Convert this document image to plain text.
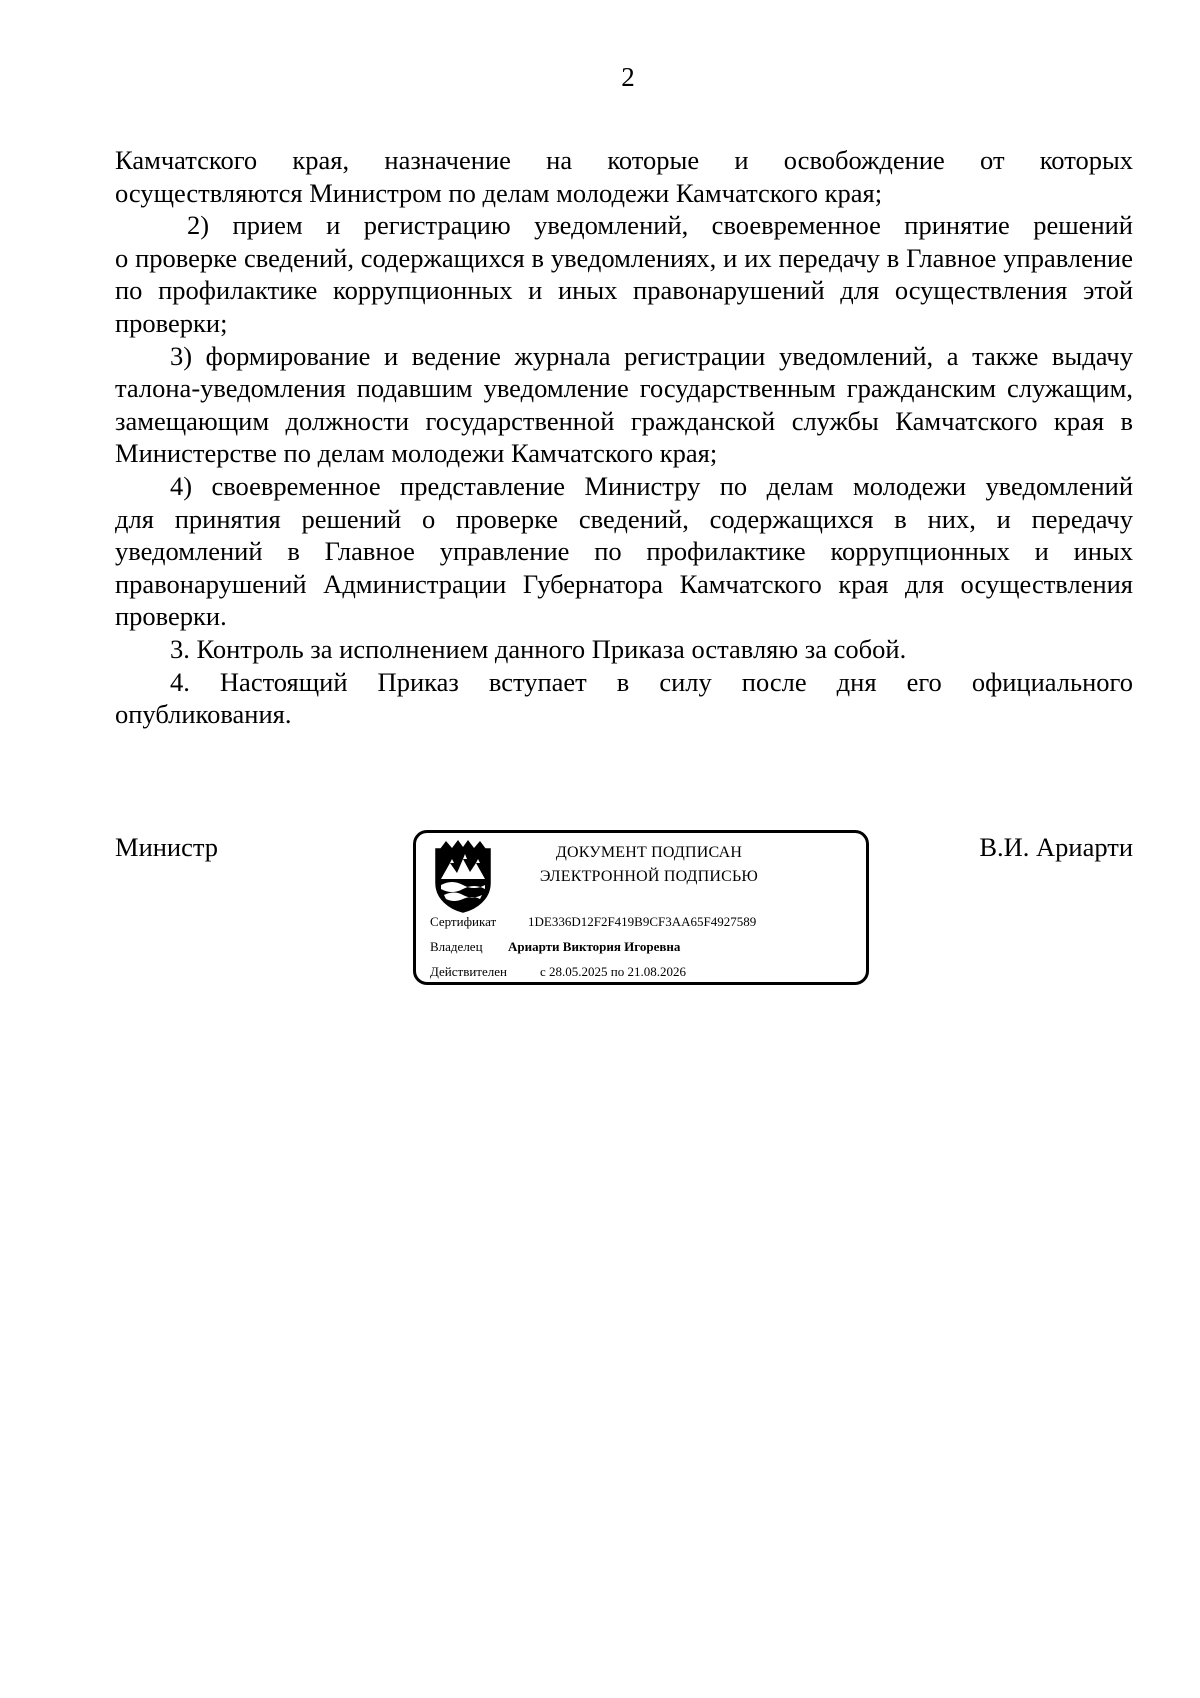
2

Камчатского края, назначение на которые и освобождение от которых

осуществляются Министром по делам молодежи Камчатского края;

2) прием и регистрацию уведомлений, своевременное принятие решений

о проверке сведений, содержащихся в уведомлениях, и их передачу в Главное управление по профилактике коррупционных и иных правонарушений для осуществления этой проверки;

3) формирование и ведение журнала регистрации уведомлений, а также выдачу

талона-уведомления подавшим уведомление государственным гражданским служащим, замещающим должности государственной гражданской службы Камчатского края в Министерстве по делам молодежи Камчатского края;

4) своевременное представление Министру по делам молодежи уведомлений

для принятия решений о проверке сведений, содержащихся в них, и передачу уведомлений в Главное управление по профилактике коррупционных и иных правонарушений Администрации Губернатора Камчатского края для осуществления проверки.

3. Контроль за исполнением данного Приказа оставляю за собой.

4. Настоящий Приказ вступает в силу после дня его официального

опубликования.

Министр	ДОКУМЕНТ ПОДПИСАН
ЭЛЕКТРОННОЙ ПОДПИСЬЮ
Сертификат	1DE336D12F2F419B9CF3AA65F4927589
Владелец	Ариарти Виктория Игоревна
Действителен	с 28.05.2025 по 21.08.2026
В.И. Ариарти
